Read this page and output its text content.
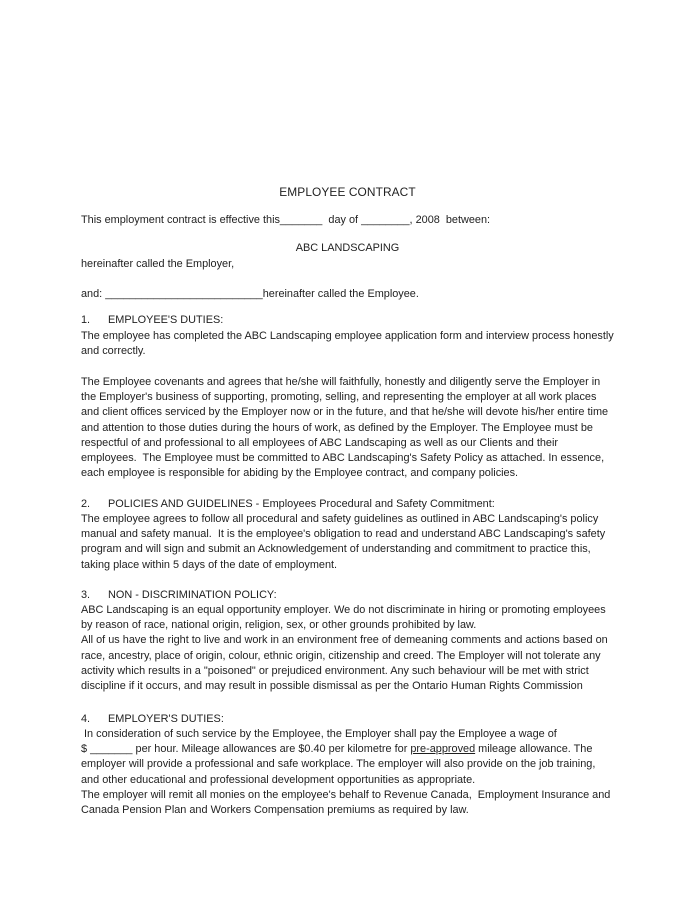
EMPLOYEE CONTRACT
This employment contract is effective this_______  day of ________, 2008  between:
ABC LANDSCAPING
hereinafter called the Employer,
and: __________________________hereinafter called the Employee.
1. EMPLOYEE'S DUTIES:
The employee has completed the ABC Landscaping employee application form and interview process honestly
and correctly.
The Employee covenants and agrees that he/she will faithfully, honestly and diligently serve the Employer in
the Employer's business of supporting, promoting, selling, and representing the employer at all work places
and client offices serviced by the Employer now or in the future, and that he/she will devote his/her entire time
and attention to those duties during the hours of work, as defined by the Employer. The Employee must be
respectful of and professional to all employees of ABC Landscaping as well as our Clients and their
employees.  The Employee must be committed to ABC Landscaping's Safety Policy as attached. In essence,
each employee is responsible for abiding by the Employee contract, and company policies.
2. POLICIES AND GUIDELINES - Employees Procedural and Safety Commitment:
The employee agrees to follow all procedural and safety guidelines as outlined in ABC Landscaping's policy
manual and safety manual.  It is the employee's obligation to read and understand ABC Landscaping's safety
program and will sign and submit an Acknowledgement of understanding and commitment to practice this,
taking place within 5 days of the date of employment.
3. NON - DISCRIMINATION POLICY:
ABC Landscaping is an equal opportunity employer. We do not discriminate in hiring or promoting employees
by reason of race, national origin, religion, sex, or other grounds prohibited by law.
All of us have the right to live and work in an environment free of demeaning comments and actions based on
race, ancestry, place of origin, colour, ethnic origin, citizenship and creed. The Employer will not tolerate any
activity which results in a "poisoned" or prejudiced environment. Any such behaviour will be met with strict
discipline if it occurs, and may result in possible dismissal as per the Ontario Human Rights Commission
4. EMPLOYER'S DUTIES:
In consideration of such service by the Employee, the Employer shall pay the Employee a wage of
$ _______ per hour. Mileage allowances are $0.40 per kilometre for pre-approved mileage allowance. The
employer will provide a professional and safe workplace. The employer will also provide on the job training,
and other educational and professional development opportunities as appropriate.
The employer will remit all monies on the employee's behalf to Revenue Canada,  Employment Insurance and
Canada Pension Plan and Workers Compensation premiums as required by law.
